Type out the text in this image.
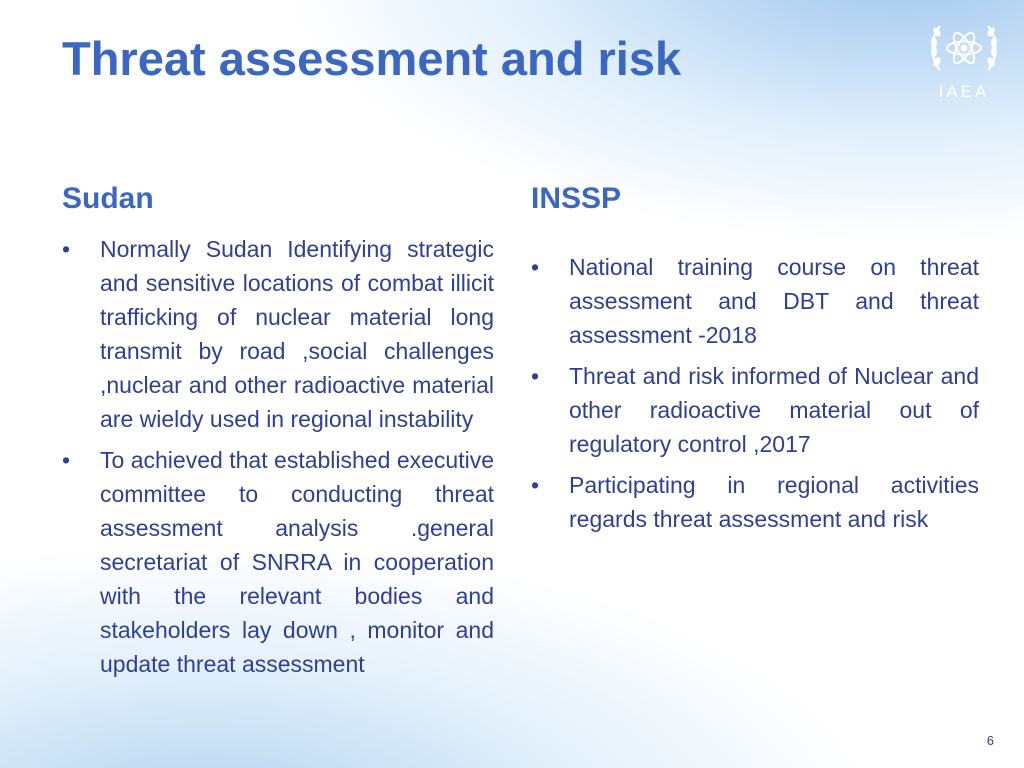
Threat assessment and risk
IAEA
Sudan
•	Normally Sudan Identifying strategic and sensitive locations of combat illicit trafficking of nuclear material long transmit by road ,social challenges ,nuclear and other radioactive material are wieldy used in regional instability
•	To achieved that established executive committee to conducting threat assessment analysis .general secretariat of SNRRA in cooperation with the relevant bodies and stakeholders lay down , monitor and update threat assessment
INSSP
•	National training course on threat assessment and DBT and threat assessment -2018
•	Threat and risk informed of Nuclear and other radioactive material out of regulatory control ,2017
•	Participating in regional activities regards threat assessment and risk
6
